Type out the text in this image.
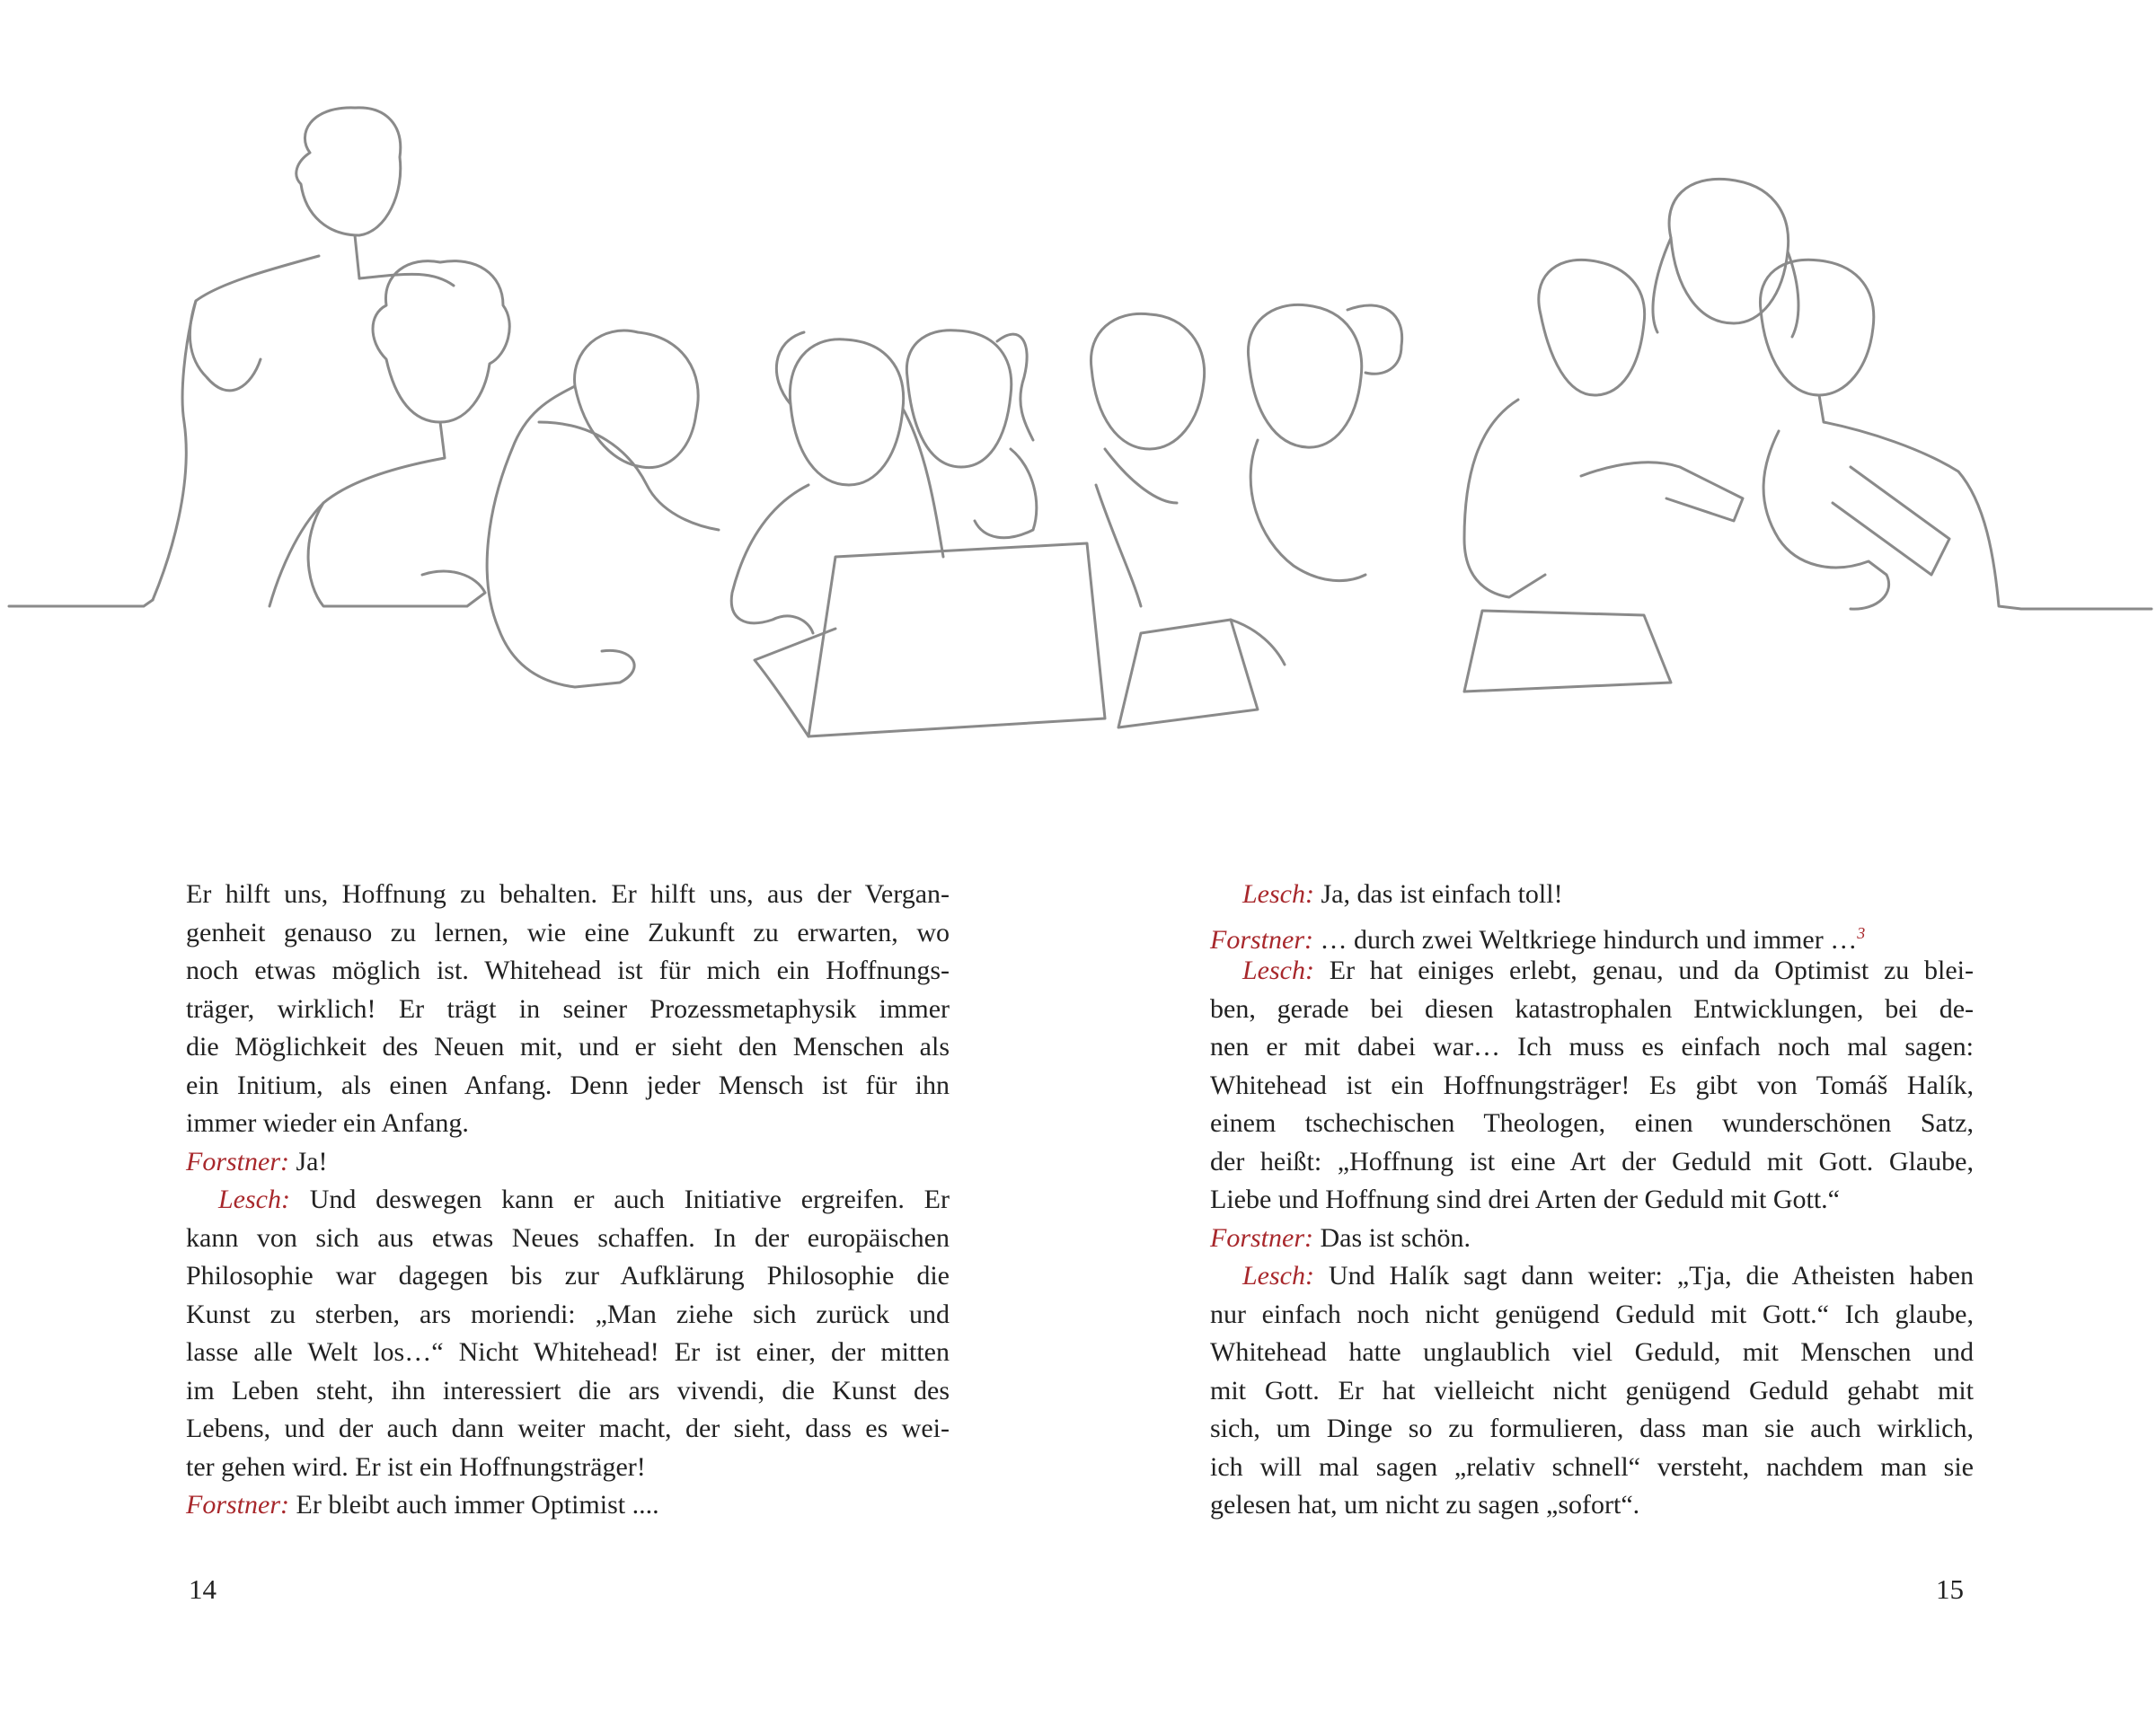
Er hilft uns, Hoffnung zu behalten. Er hilft uns, aus der Vergan-
genheit genauso zu lernen, wie eine Zukunft zu erwarten, wo
noch etwas möglich ist. Whitehead ist für mich ein Hoffnungs-
träger, wirklich! Er trägt in seiner Prozessmetaphysik immer
die Möglichkeit des Neuen mit, und er sieht den Menschen als
ein Initium, als einen Anfang. Denn jeder Mensch ist für ihn
immer wieder ein Anfang.
Forstner: Ja!
Lesch: Und deswegen kann er auch Initiative ergreifen. Er
kann von sich aus etwas Neues schaffen. In der europäischen
Philosophie war dagegen bis zur Aufklärung Philosophie die
Kunst zu sterben, ars moriendi: „Man ziehe sich zurück und
lasse alle Welt los…“ Nicht Whitehead! Er ist einer, der mitten
im Leben steht, ihn interessiert die ars vivendi, die Kunst des
Lebens, und der auch dann weiter macht, der sieht, dass es wei-
ter gehen wird. Er ist ein Hoffnungsträger!
Forstner: Er bleibt auch immer Optimist ....
Lesch: Ja, das ist einfach toll!
Forstner: … durch zwei Weltkriege hindurch und immer …$^3$
Lesch: Er hat einiges erlebt, genau, und da Optimist zu blei-
ben, gerade bei diesen katastrophalen Entwicklungen, bei de-
nen er mit dabei war… Ich muss es einfach noch mal sagen:
Whitehead ist ein Hoffnungsträger! Es gibt von Tomáš Halík,
einem tschechischen Theologen, einen wunderschönen Satz,
der heißt: „Hoffnung ist eine Art der Geduld mit Gott. Glaube,
Liebe und Hoffnung sind drei Arten der Geduld mit Gott.“
Forstner: Das ist schön.
Lesch: Und Halík sagt dann weiter: „Tja, die Atheisten haben
nur einfach noch nicht genügend Geduld mit Gott.“ Ich glaube,
Whitehead hatte unglaublich viel Geduld, mit Menschen und
mit Gott. Er hat vielleicht nicht genügend Geduld gehabt mit
sich, um Dinge so zu formulieren, dass man sie auch wirklich,
ich will mal sagen „relativ schnell“ versteht, nachdem man sie
gelesen hat, um nicht zu sagen „sofort“.
14	15
